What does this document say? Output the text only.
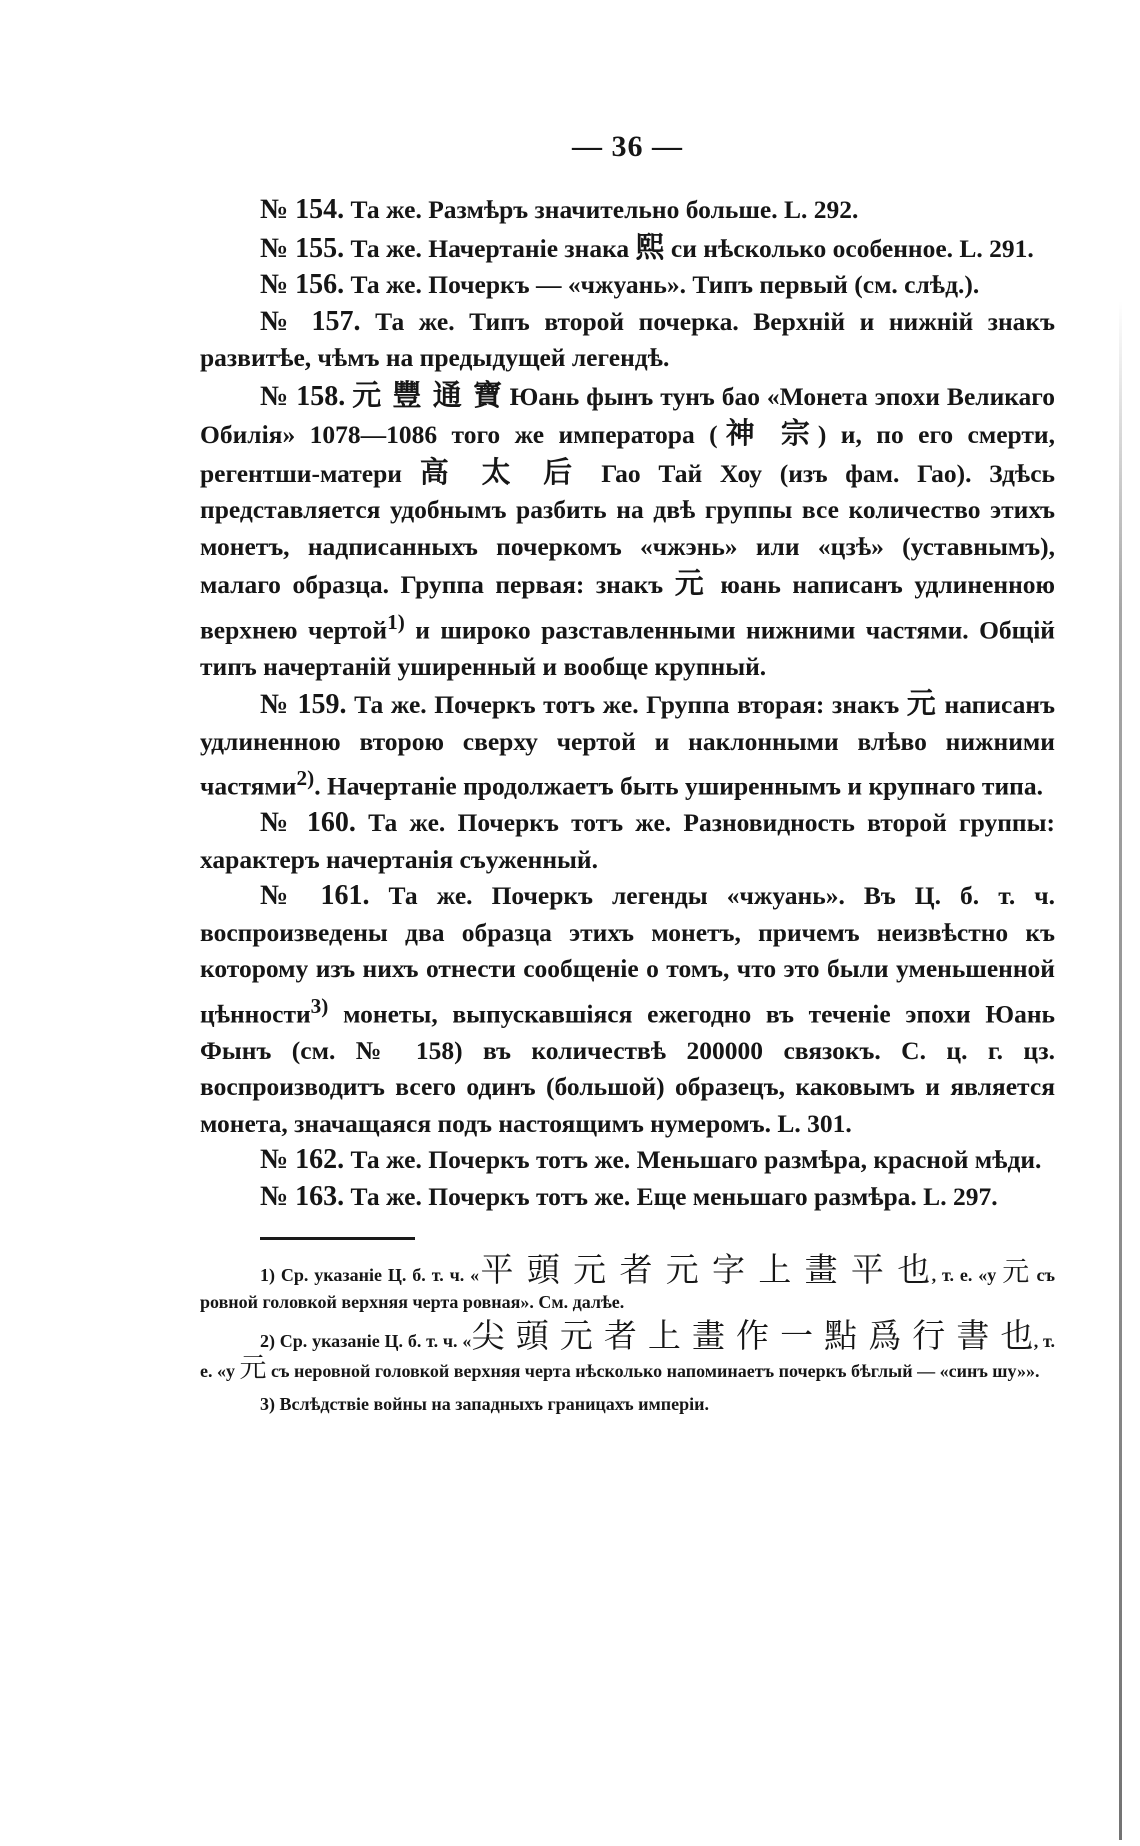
— 36 —

№ 154. Та же. Размѣръ значительно больше. L. 292.

№ 155. Та же. Начертаніе знака 熙 си нѣсколько особенное. L. 291.

№ 156. Та же. Почеркъ — «чжуань». Типъ первый (см. слѣд.).

№ 157. Та же. Типъ второй почерка. Верхній и нижній знакъ развитѣе, чѣмъ на предыдущей легендѣ.

№ 158. 元 豐 通 寶 Юань фынъ тунъ бао «Монета эпохи Великаго Обилія» 1078—1086 того же императора (神 宗) и, по его смерти, регентши-матери 高 太 后 Гао Тай Хоу (изъ фам. Гао). Здѣсь представляется удобнымъ разбить на двѣ группы все количество этихъ монетъ, надписанныхъ почеркомъ «чжэнь» или «цзѣ» (уставнымъ), малаго образца. Группа первая: знакъ 元 юань написанъ удлиненною верхнею чертой$^{1)}$ и широко разставленными нижними частями. Общій типъ начертаній уширенный и вообще крупный.

№ 159. Та же. Почеркъ тотъ же. Группа вторая: знакъ 元 написанъ удлиненною второю сверху чертой и наклонными влѣво нижними частями$^{2)}$. Начертаніе продолжаетъ быть уширеннымъ и крупнаго типа.

№ 160. Та же. Почеркъ тотъ же. Разновидность второй группы: характеръ начертанія съуженный.

№ 161. Та же. Почеркъ легенды «чжуань». Въ Ц. б. т. ч. воспроизведены два образца этихъ монетъ, причемъ неизвѣстно къ которому изъ нихъ отнести сообщеніе о томъ, что это были уменьшенной цѣнности$^{3)}$ монеты, выпускавшіяся ежегодно въ теченіе эпохи Юань Фынъ (см. № 158) въ количествѣ 200000 связокъ. С. ц. г. цз. воспроизводитъ всего одинъ (большой) образецъ, каковымъ и является монета, значащаяся подъ настоящимъ нумеромъ. L. 301.

№ 162. Та же. Почеркъ тотъ же. Меньшаго размѣра, красной мѣди.

№ 163. Та же. Почеркъ тотъ же. Еще меньшаго размѣра. L. 297.

1) Ср. указаніе Ц. б. т. ч. «平 頭 元 者 元 字 上 畫 平 也, т. е. «у 元 съ ровной головкой верхняя черта ровная». См. далѣе.

2) Ср. указаніе Ц. б. т. ч. «尖 頭 元 者 上 畫 作 一 點 爲 行 書 也, т. е. «у 元 съ неровной головкой верхняя черта нѣсколько напоминаетъ почеркъ бѣглый — «синъ шу»».

3) Вслѣдствіе войны на западныхъ границахъ имперіи.
